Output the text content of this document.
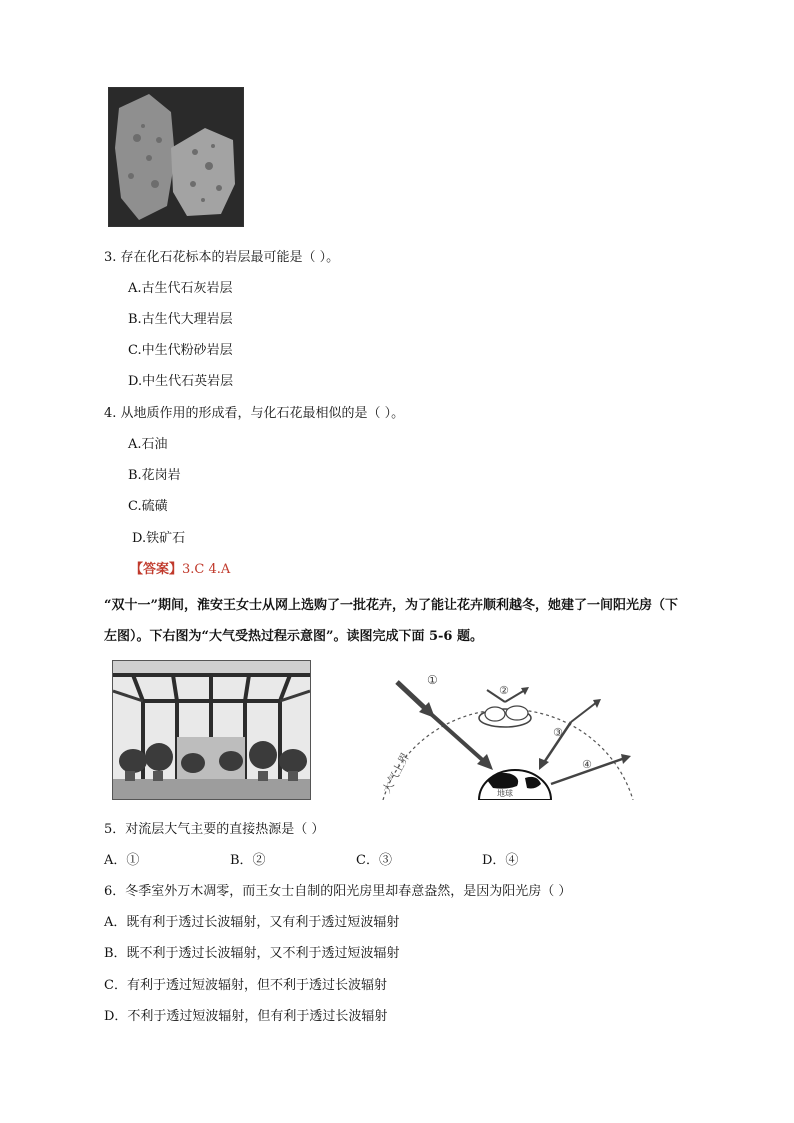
3. 存在化石花标本的岩层最可能是（ ）。
A.古生代石灰岩层
B.古生代大理岩层
C.中生代粉砂岩层
D.中生代石英岩层
4. 从地质作用的形成看，与化石花最相似的是（ ）。
A.石油
B.花岗岩
C.硫磺
D.铁矿石
【答案】3.C 4.A
“双十一”期间，淮安王女士从网上选购了一批花卉，为了能让花卉顺利越冬，她建了一间阳光房（下
左图）。下右图为“大气受热过程示意图”。读图完成下面 5-6 题。
地球
①
②
③
④
大气上界
5．对流层大气主要的直接热源是（ ）
A．①	B．②	C．③	D．④
6．冬季室外万木凋零，而王女士自制的阳光房里却春意盎然，是因为阳光房（ ）
A．既有利于透过长波辐射，又有利于透过短波辐射
B．既不利于透过长波辐射，又不利于透过短波辐射
C．有利于透过短波辐射，但不利于透过长波辐射
D．不利于透过短波辐射，但有利于透过长波辐射
